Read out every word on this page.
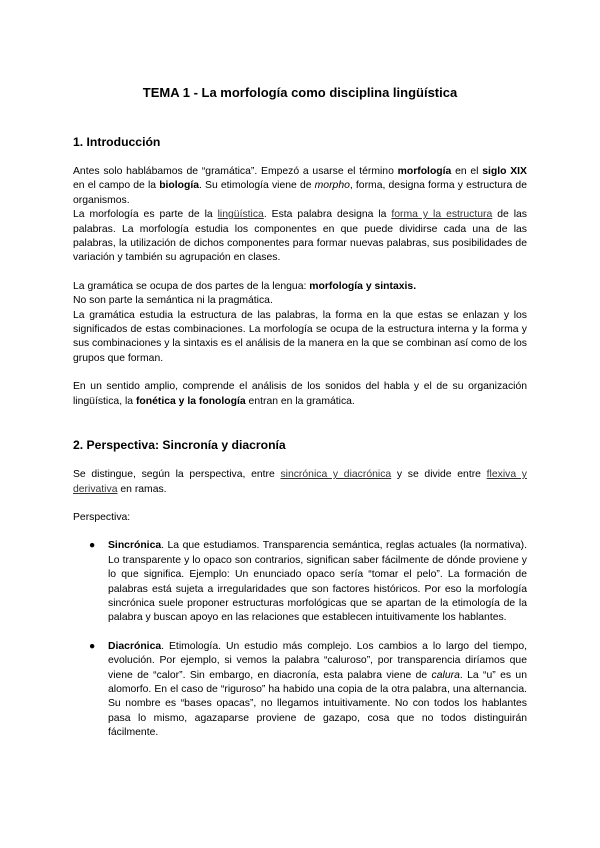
TEMA 1 - La morfología como disciplina lingüística
1. Introducción

Antes solo hablábamos de “gramática”. Empezó a usarse el término morfología en el siglo XIX en el campo de la biología. Su etimología viene de morpho, forma, designa forma y estructura de organismos.

La morfología es parte de la lingüística. Esta palabra designa la forma y la estructura de las palabras. La morfología estudia los componentes en que puede dividirse cada una de las palabras, la utilización de dichos componentes para formar nuevas palabras, sus posibilidades de variación y también su agrupación en clases.

La gramática se ocupa de dos partes de la lengua: morfología y sintaxis.

No son parte la semántica ni la pragmática.

La gramática estudia la estructura de las palabras, la forma en la que estas se enlazan y los significados de estas combinaciones. La morfología se ocupa de la estructura interna y la forma y sus combinaciones y la sintaxis es el análisis de la manera en la que se combinan así como de los grupos que forman.

En un sentido amplio, comprende el análisis de los sonidos del habla y el de su organización lingüística, la fonética y la fonología entran en la gramática.

2. Perspectiva: Sincronía y diacronía

Se distingue, según la perspectiva, entre sincrónica y diacrónica y se divide entre flexiva y derivativa en ramas.

Perspectiva:

● Sincrónica. La que estudiamos. Transparencia semántica, reglas actuales (la normativa). Lo transparente y lo opaco son contrarios, significan saber fácilmente de dónde proviene y lo que significa. Ejemplo: Un enunciado opaco sería “tomar el pelo”. La formación de palabras está sujeta a irregularidades que son factores históricos. Por eso la morfología sincrónica suele proponer estructuras morfológicas que se apartan de la etimología de la palabra y buscan apoyo en las relaciones que establecen intuitivamente los hablantes.
● Diacrónica. Etimología. Un estudio más complejo. Los cambios a lo largo del tiempo, evolución. Por ejemplo, si vemos la palabra “caluroso”, por transparencia diríamos que viene de “calor”. Sin embargo, en diacronía, esta palabra viene de calura. La “u” es un alomorfo. En el caso de “riguroso” ha habido una copia de la otra palabra, una alternancia. Su nombre es “bases opacas”, no llegamos intuitivamente. No con todos los hablantes pasa lo mismo, agazaparse proviene de gazapo, cosa que no todos distinguirán fácilmente.
